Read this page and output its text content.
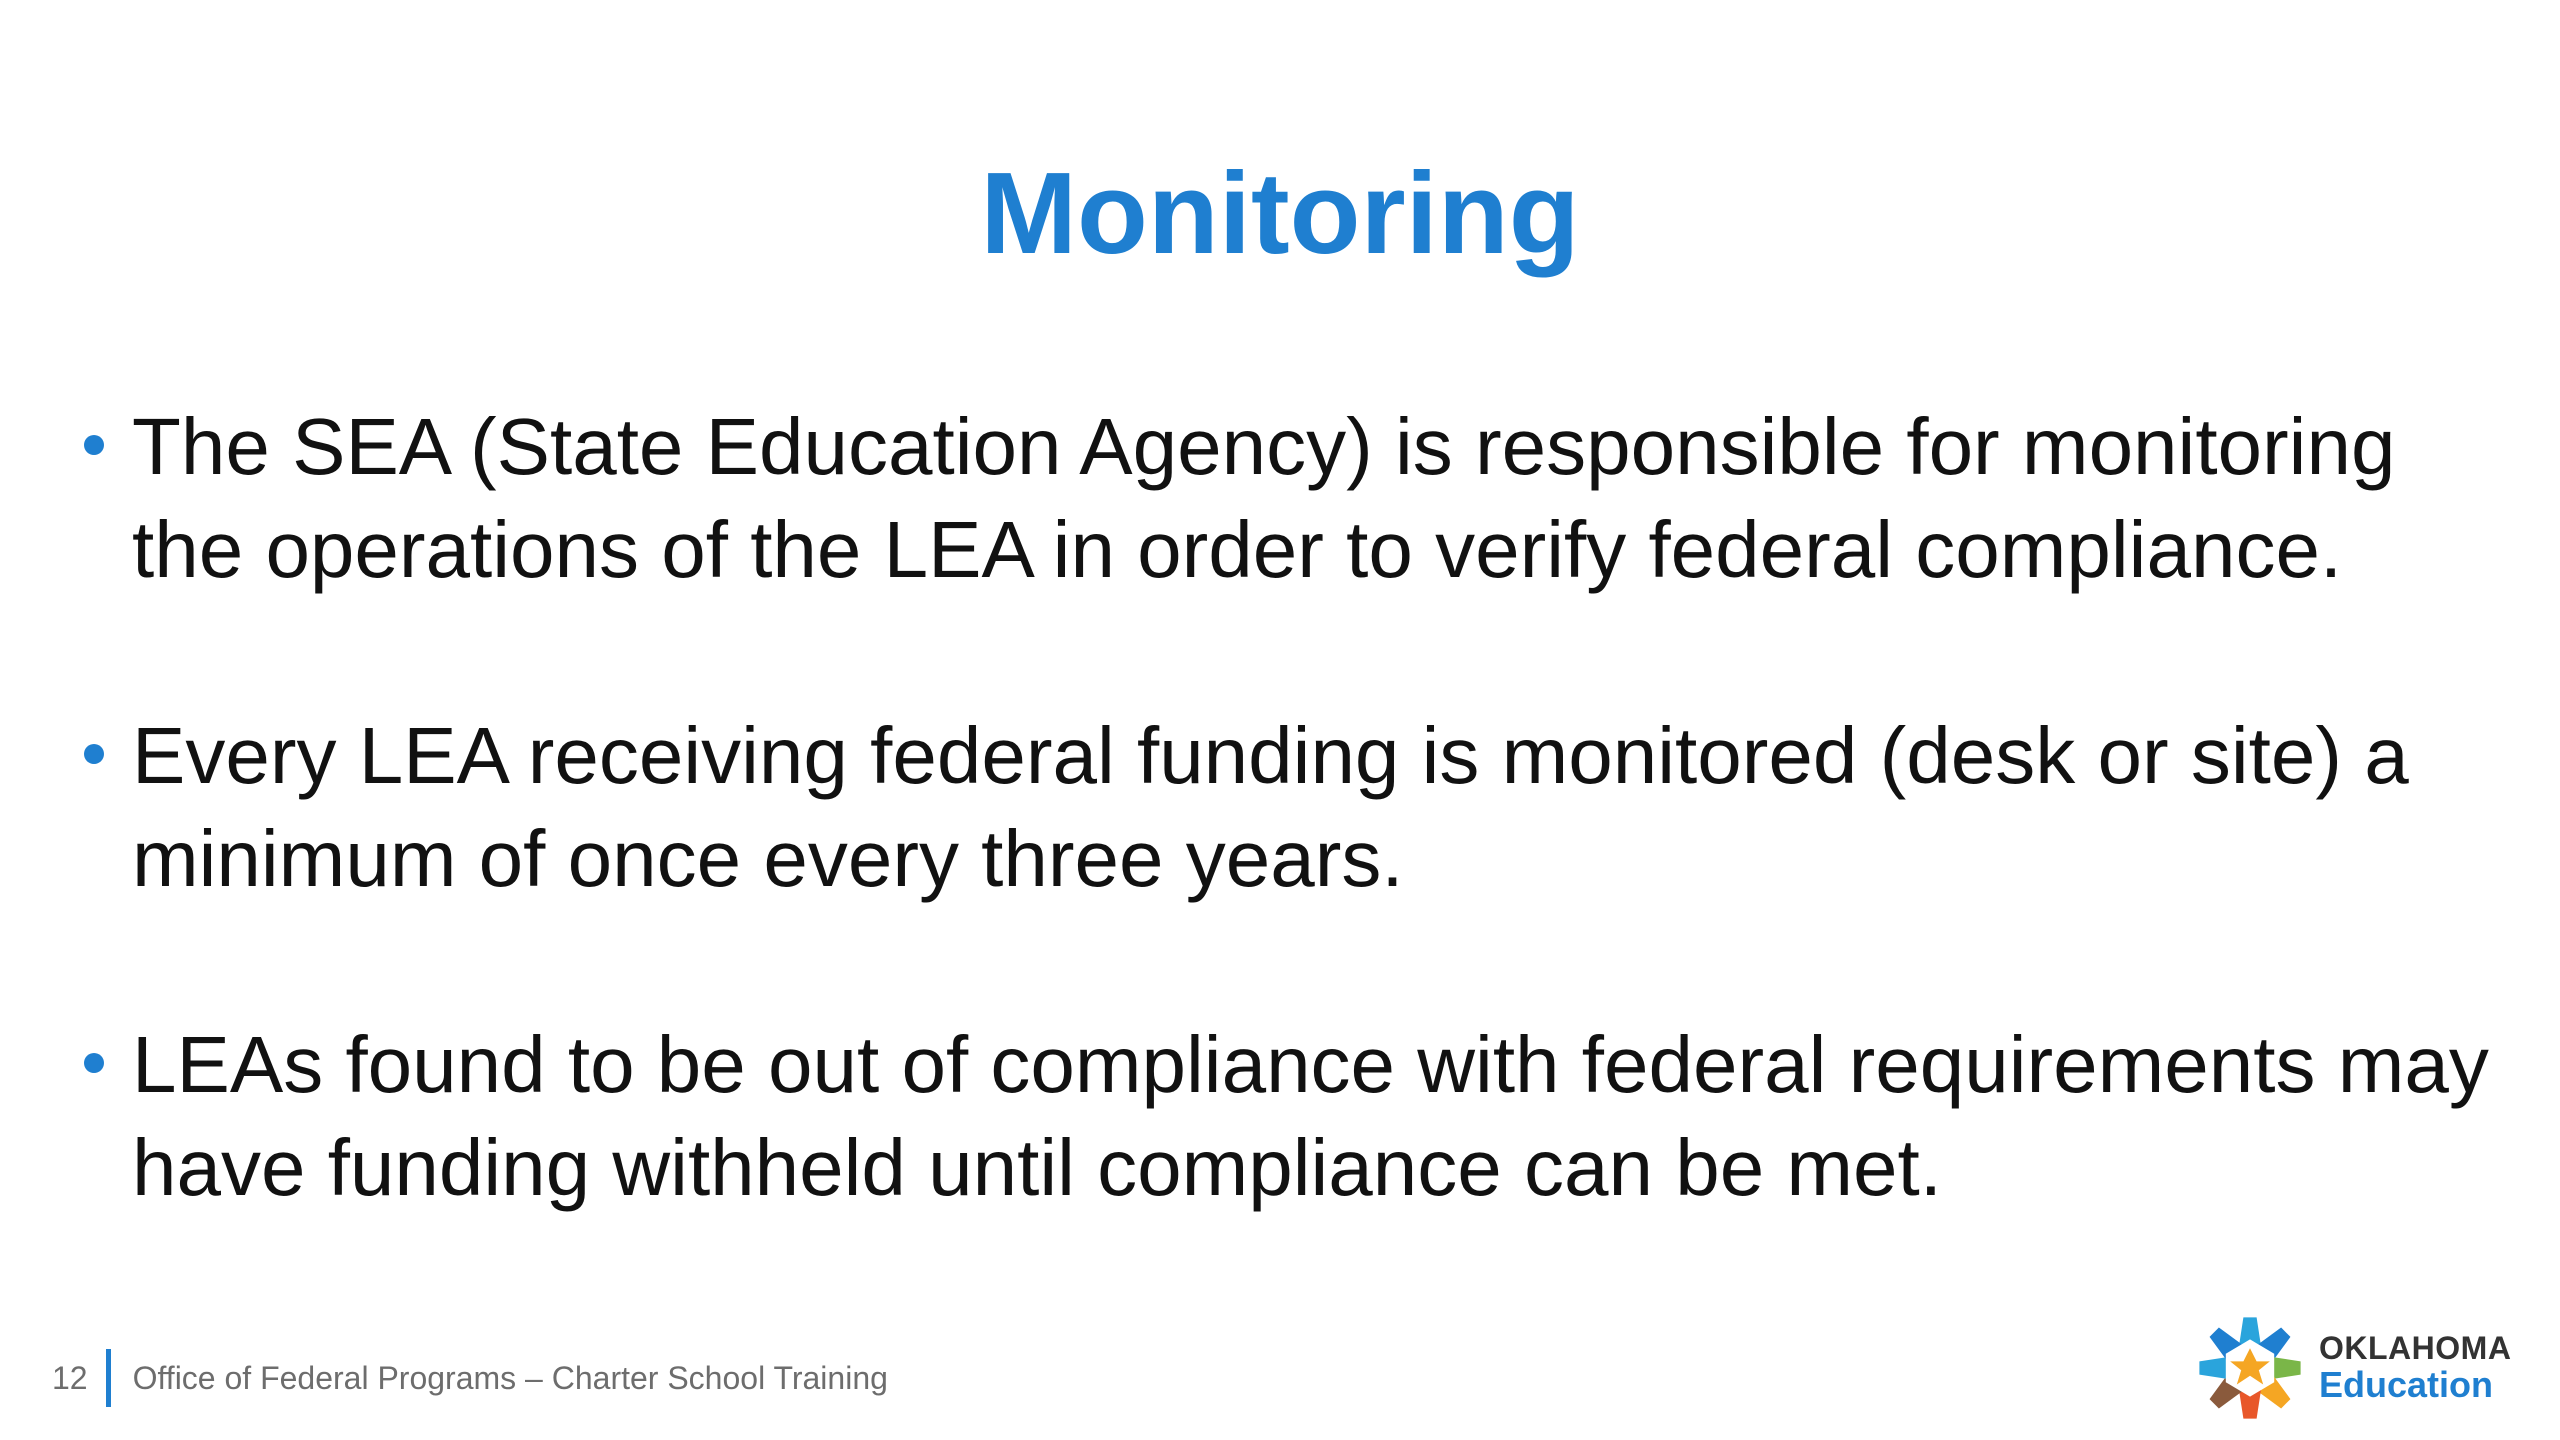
Monitoring
The SEA (State Education Agency) is responsible for monitoring the operations of the LEA in order to verify federal compliance.
Every LEA receiving federal funding is monitored (desk or site) a minimum of once every three years.
LEAs found to be out of compliance with federal requirements may have funding withheld until compliance can be met.
12 Office of Federal Programs – Charter School Training
OKLAHOMA
Education
